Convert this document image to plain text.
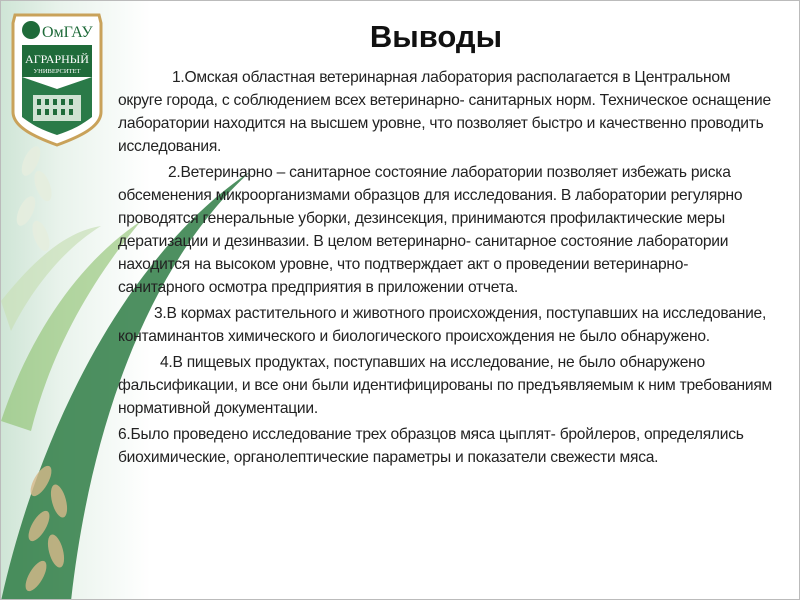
ОмГАУ
АГРАРНЫЙ
УНИВЕРСИТЕТ
Выводы

1.Омская областная ветеринарная лаборатория располагается в Центральном округе города, с соблюдением всех ветеринарно- санитарных норм. Техническое оснащение лаборатории находится на высшем уровне, что позволяет быстро и качественно проводить исследования.

2.Ветеринарно – санитарное состояние лаборатории позволяет избежать риска обсеменения микроорганизмами образцов для исследования. В лаборатории регулярно проводятся генеральные уборки, дезинсекция, принимаются профилактические меры дератизации и дезинвазии. В целом ветеринарно- санитарное состояние лаборатории находится на высоком уровне, что подтверждает акт о проведении ветеринарно- санитарного осмотра предприятия в приложении отчета.

3.В кормах растительного и животного происхождения, поступавших на исследование, контаминантов химического и биологического происхождения не было обнаружено.

4.В пищевых продуктах, поступавших на исследование, не было обнаружено фальсификации, и все они были идентифицированы по предъявляемым к ним требованиям нормативной документации.

6.Было проведено исследование трех образцов мяса цыплят- бройлеров, определялись биохимические, органолептические параметры и показатели свежести мяса.
